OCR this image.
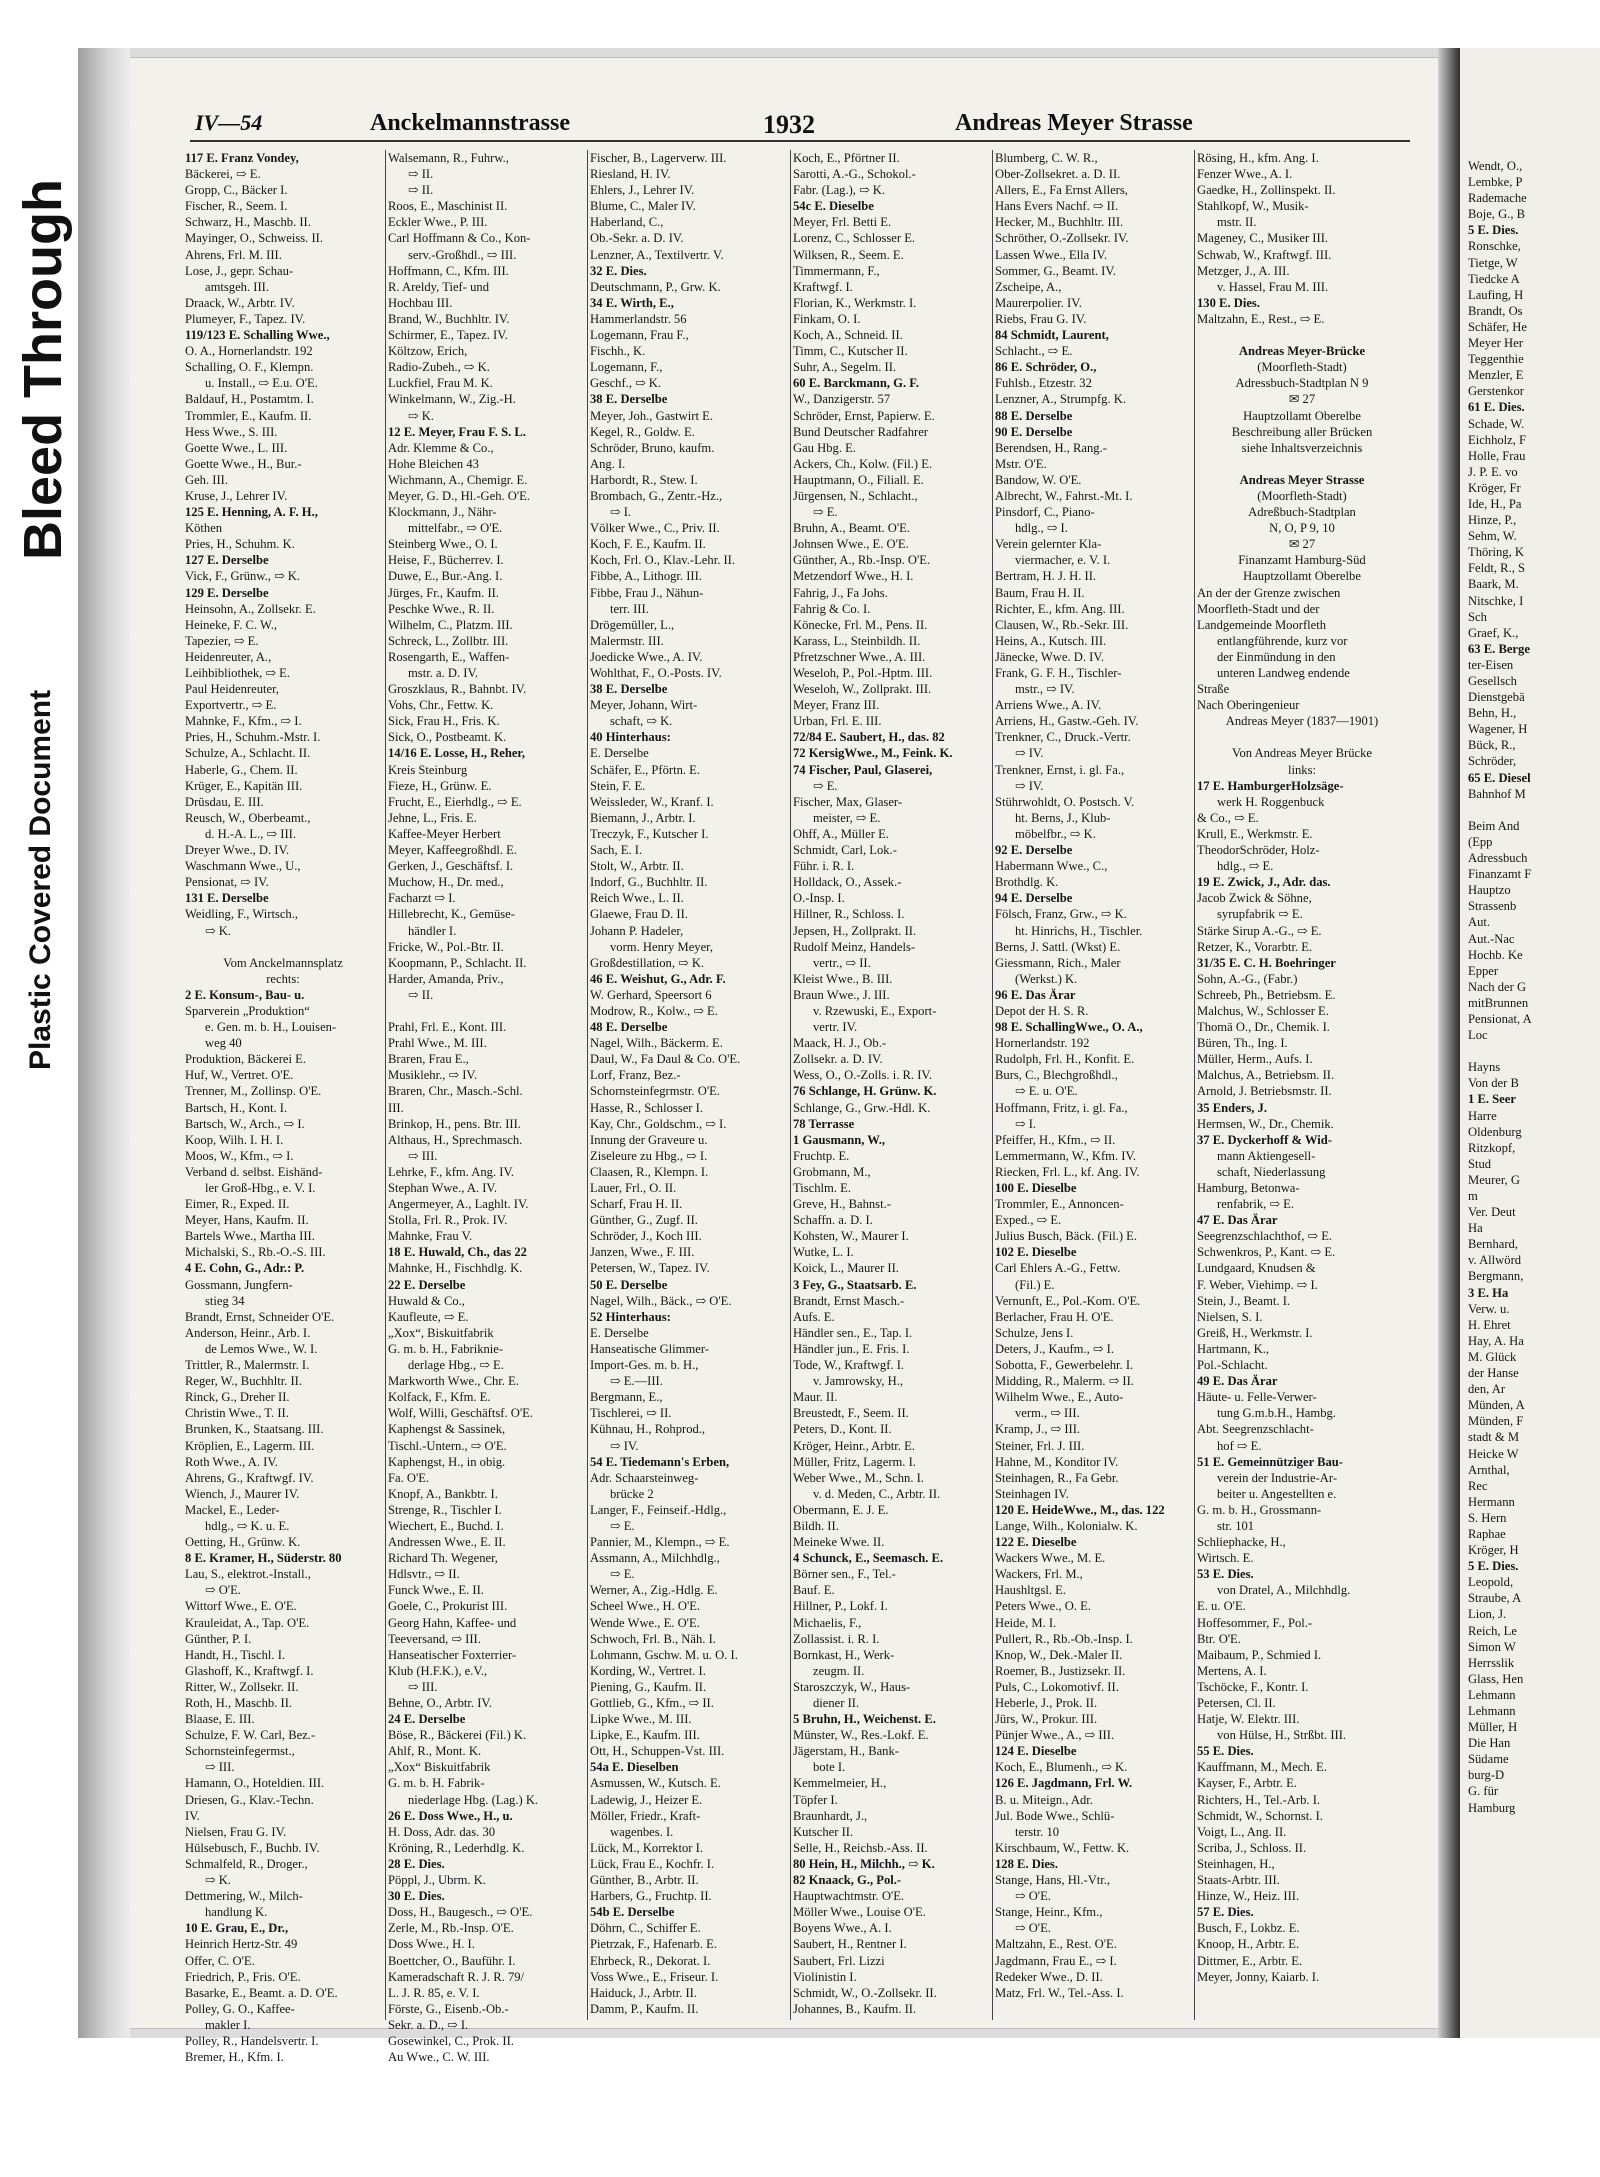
Wendt, O.,
Lembke, P
Rademache
Boje, G., B
5 E. Dies.
Ronschke,
Tietge, W
Tiedcke A
Laufing, H
Brandt, Os
Schäfer, He
Meyer Her
Teggenthie
Menzler, E
Gerstenkor
61 E. Dies.
Schade, W.
Eichholz, F
Holle, Frau
J. P. E. vo
Kröger, Fr
Ide, H., Pa
Hinze, P.,
Sehm, W.
Thöring, K
Feldt, R., S
Baark, M.
Nitschke, I
Sch
Graef, K.,
63 E. Berge
ter-Eisen
Gesellsch
Dienstgebä
Behn, H.,
Wagener, H
Bück, R.,
Schröder,
65 E. Diesel
Bahnhof M

Beim And
(Epp
Adressbuch
Finanzamt F
Hauptzo
Strassenb
Aut.
Aut.-Nac
Hochb. Ke
Epper
Nach der G
mitBrunnen
Pensionat, A
Loc

Hayns
Von der B
1 E. Seer
Harre
Oldenburg
Ritzkopf,
Stud
Meurer, G
m
Ver. Deut
Ha
Bernhard,
v. Allwörd
Bergmann,
3 E. Ha
Verw. u.
H. Ehret
Hay, A. Ha
M. Glück
der Hanse
den, Ar
Münden, A
Münden, F
stadt & M
Heicke W
Arnthal,
Rec
Hermann
S. Hern
Raphae
Kröger, H
5 E. Dies.
Leopold,
Straube, A
Lion, J.
Reich, Le
Simon W
Herrsslik
Glass, Hen
Lehmann
Lehmann
Müller, H
Die Han
Südame
burg-D
G. für
Hamburg
Bleed Through
Plastic Covered Document
IV—54	Anckelmannstrasse	1932	Andreas Meyer Strasse
117 E. Franz Vondey,
Bäckerei, ⇨ E.
Gropp, C., Bäcker I.
Fischer, R., Seem. I.
Schwarz, H., Maschb. II.
Mayinger, O., Schweiss. II.
Ahrens, Frl. M. III.
Lose, J., gepr. Schau-
amtsgeh. III.
Draack, W., Arbtr. IV.
Plumeyer, F., Tapez. IV.
119/123 E. Schalling Wwe.,
O. A., Hornerlandstr. 192
Schalling, O. F., Klempn.
u. Install., ⇨ E.u. O'E.
Baldauf, H., Postamtm. I.
Trommler, E., Kaufm. II.
Hess Wwe., S. III.
Goette Wwe., L. III.
Goette Wwe., H., Bur.-
Geh. III.
Kruse, J., Lehrer IV.
125 E. Henning, A. F. H.,
Köthen
Pries, H., Schuhm. K.
127 E. Derselbe
Vick, F., Grünw., ⇨ K.
129 E. Derselbe
Heinsohn, A., Zollsekr. E.
Heineke, F. C. W.,
Tapezier, ⇨ E.
Heidenreuter, A.,
Leihbibliothek, ⇨ E.
Paul Heidenreuter,
Exportvertr., ⇨ E.
Mahnke, F., Kfm., ⇨ I.
Pries, H., Schuhm.-Mstr. I.
Schulze, A., Schlacht. II.
Haberle, G., Chem. II.
Krüger, E., Kapitän III.
Drüsdau, E. III.
Reusch, W., Oberbeamt.,
d. H.-A. L., ⇨ III.
Dreyer Wwe., D. IV.
Waschmann Wwe., U.,
Pensionat, ⇨ IV.
131 E. Derselbe
Weidling, F., Wirtsch.,
⇨ K.

Vom Anckelmannsplatz
rechts:
2 E. Konsum-, Bau- u.
Sparverein „Produktion“
e. Gen. m. b. H., Louisen-
weg 40
Produktion, Bäckerei E.
Huf, W., Vertret. O'E.
Trenner, M., Zollinsp. O'E.
Bartsch, H., Kont. I.
Bartsch, W., Arch., ⇨ I.
Koop, Wilh. I. H. I.
Moos, W., Kfm., ⇨ I.
Verband d. selbst. Eishänd-
ler Groß-Hbg., e. V. I.
Eimer, R., Exped. II.
Meyer, Hans, Kaufm. II.
Bartels Wwe., Martha III.
Michalski, S., Rb.-O.-S. III.
4 E. Cohn, G., Adr.: P.
Gossmann, Jungfern-
stieg 34
Brandt, Ernst, Schneider O'E.
Anderson, Heinr., Arb. I.
de Lemos Wwe., W. I.
Trittler, R., Malermstr. I.
Reger, W., Buchhltr. II.
Rinck, G., Dreher II.
Christin Wwe., T. II.
Brunken, K., Staatsang. III.
Kröplien, E., Lagerm. III.
Roth Wwe., A. IV.
Ahrens, G., Kraftwgf. IV.
Wiench, J., Maurer IV.
Mackel, E., Leder-
hdlg., ⇨ K. u. E.
Oetting, H., Grünw. K.
8 E. Kramer, H., Süderstr. 80
Lau, S., elektrot.-Install.,
⇨ O'E.
Wittorf Wwe., E. O'E.
Krauleidat, A., Tap. O'E.
Günther, P. I.
Handt, H., Tischl. I.
Glashoff, K., Kraftwgf. I.
Ritter, W., Zollsekr. II.
Roth, H., Maschb. II.
Blaase, E. III.
Schulze, F. W. Carl, Bez.-
Schornsteinfegermst.,
⇨ III.
Hamann, O., Hoteldien. III.
Driesen, G., Klav.-Techn.
IV.
Nielsen, Frau G. IV.
Hülsebusch, F., Buchb. IV.
Schmalfeld, R., Droger.,
⇨ K.
Dettmering, W., Milch-
handlung K.
10 E. Grau, E., Dr.,
Heinrich Hertz-Str. 49
Offer, C. O'E.
Friedrich, P., Fris. O'E.
Basarke, E., Beamt. a. D. O'E.
Polley, G. O., Kaffee-
makler I.
Polley, R., Handelsvertr. I.
Bremer, H., Kfm. I.
Walsemann, R., Fuhrw.,
⇨ II.
⇨ II.
Roos, E., Maschinist II.
Eckler Wwe., P. III.
Carl Hoffmann & Co., Kon-
serv.-Großhdl., ⇨ III.
Hoffmann, C., Kfm. III.
R. Areldy, Tief- und
Hochbau III.
Brand, W., Buchhltr. IV.
Schirmer, E., Tapez. IV.
Költzow, Erich,
Radio-Zubeh., ⇨ K.
Luckfiel, Frau M. K.
Winkelmann, W., Zig.-H.
⇨ K.
12 E. Meyer, Frau F. S. L.
Adr. Klemme & Co.,
Hohe Bleichen 43
Wichmann, A., Chemigr. E.
Meyer, G. D., Hl.-Geh. O'E.
Klockmann, J., Nähr-
mittelfabr., ⇨ O'E.
Steinberg Wwe., O. I.
Heise, F., Bücherrev. I.
Duwe, E., Bur.-Ang. I.
Jürges, Fr., Kaufm. II.
Peschke Wwe., R. II.
Wilhelm, C., Platzm. III.
Schreck, L., Zollbtr. III.
Rosengarth, E., Waffen-
mstr. a. D. IV.
Groszklaus, R., Bahnbt. IV.
Vohs, Chr., Fettw. K.
Sick, Frau H., Fris. K.
Sick, O., Postbeamt. K.
14/16 E. Losse, H., Reher,
Kreis Steinburg
Fieze, H., Grünw. E.
Frucht, E., Eierhdlg., ⇨ E.
Jehne, L., Fris. E.
Kaffee-Meyer Herbert
Meyer, Kaffeegroßhdl. E.
Gerken, J., Geschäftsf. I.
Muchow, H., Dr. med.,
Facharzt ⇨ I.
Hillebrecht, K., Gemüse-
händler I.
Fricke, W., Pol.-Btr. II.
Koopmann, P., Schlacht. II.
Harder, Amanda, Priv.,
⇨ II.

Prahl, Frl. E., Kont. III.
Prahl Wwe., M. III.
Braren, Frau E.,
Musiklehr., ⇨ IV.
Braren, Chr., Masch.-Schl.
III.
Brinkop, H., pens. Btr. III.
Althaus, H., Sprechmasch.
⇨ III.
Lehrke, F., kfm. Ang. IV.
Stephan Wwe., A. IV.
Angermeyer, A., Laghlt. IV.
Stolla, Frl. R., Prok. IV.
Mahnke, Frau V.
18 E. Huwald, Ch., das 22
Mahnke, H., Fischhdlg. K.
22 E. Derselbe
Huwald & Co.,
Kaufleute, ⇨ E.
„Xox“, Biskuitfabrik
G. m. b. H., Fabrikniе-
derlage Hbg., ⇨ E.
Markworth Wwe., Chr. E.
Kolfack, F., Kfm. E.
Wolf, Willi, Geschäftsf. O'E.
Kaphengst & Sassinek,
Tischl.-Untern., ⇨ O'E.
Kaphengst, H., in obig.
Fa. O'E.
Knopf, A., Bankbtr. I.
Strenge, R., Tischler I.
Wiechert, E., Buchd. I.
Andressen Wwe., E. II.
Richard Th. Wegener,
Hdlsvtr., ⇨ II.
Funck Wwe., E. II.
Goele, C., Prokurist III.
Georg Hahn, Kaffee- und
Teeversand, ⇨ III.
Hanseatischer Foxterrier-
Klub (H.F.K.), e.V.,
⇨ III.
Behne, O., Arbtr. IV.
24 E. Derselbe
Böse, R., Bäckerei (Fil.) K.
Ahlf, R., Mont. K.
„Xox“ Biskuitfabrik
G. m. b. H. Fabrik-
niederlage Hbg. (Lag.) K.
26 E. Doss Wwe., H., u.
H. Doss, Adr. das. 30
Kröning, R., Lederhdlg. K.
28 E. Dies.
Pöppl, J., Ubrm. K.
30 E. Dies.
Doss, H., Baugesch., ⇨ O'E.
Zerle, M., Rb.-Insp. O'E.
Doss Wwe., H. I.
Boettcher, O., Bauführ. I.
Kameradschaft R. J. R. 79/
L. J. R. 85, e. V. I.
Förste, G., Eisenb.-Ob.-
Sekr. a. D., ⇨ I.
Gosewinkel, C., Prok. II.
Au Wwe., C. W. III.
Fischer, B., Lagerverw. III.
Riesland, H. IV.
Ehlers, J., Lehrer IV.
Blume, C., Maler IV.
Haberland, C.,
Ob.-Sekr. a. D. IV.
Lenzner, A., Textilvertr. V.
32 E. Dies.
Deutschmann, P., Grw. K.
34 E. Wirth, E.,
Hammerlandstr. 56
Logemann, Frau F.,
Fischh., K.
Logemann, F.,
Geschf., ⇨ K.
38 E. Derselbe
Meyer, Joh., Gastwirt E.
Kegel, R., Goldw. E.
Schröder, Bruno, kaufm.
Ang. I.
Harbordt, R., Stew. I.
Brombach, G., Zentr.-Hz.,
⇨ I.
Völker Wwe., C., Priv. II.
Koch, F. E., Kaufm. II.
Koch, Frl. O., Klav.-Lehr. II.
Fibbe, A., Lithogr. III.
Fibbe, Frau J., Nähun-
terr. III.
Drögemüller, L.,
Malermstr. III.
Joedicke Wwe., A. IV.
Wohlthat, F., O.-Posts. IV.
38 E. Derselbe
Meyer, Johann, Wirt-
schaft, ⇨ K.
40 Hinterhaus:
E. Derselbe
Schäfer, E., Pförtn. E.
Stein, F. E.
Weissleder, W., Kranf. I.
Biemann, J., Arbtr. I.
Treczyk, F., Kutscher I.
Sach, E. I.
Stolt, W., Arbtr. II.
Indorf, G., Buchhltr. II.
Reich Wwe., L. II.
Glaewe, Frau D. II.
Johann P. Hadeler,
vorm. Henry Meyer,
Großdestillation, ⇨ K.
46 E. Weishut, G., Adr. F.
W. Gerhard, Speersort 6
Modrow, R., Kolw., ⇨ E.
48 E. Derselbe
Nagel, Wilh., Bäckerm. E.
Daul, W., Fa Daul & Co. O'E.
Lorf, Franz, Bez.-
Schornsteinfegrmstr. O'E.
Hasse, R., Schlosser I.
Kay, Chr., Goldschm., ⇨ I.
Innung der Graveure u.
Ziseleure zu Hbg., ⇨ I.
Claasen, R., Klempn. I.
Lauer, Frl., O. II.
Scharf, Frau H. II.
Günther, G., Zugf. II.
Schröder, J., Koch III.
Janzen, Wwe., F. III.
Petersen, W., Tapez. IV.
50 E. Derselbe
Nagel, Wilh., Bäck., ⇨ O'E.
52 Hinterhaus:
E. Derselbe
Hanseatische Glimmer-
Import-Ges. m. b. H.,
⇨ E.—III.
Bergmann, E.,
Tischlerei, ⇨ II.
Kühnau, H., Rohprod.,
⇨ IV.
54 E. Tiedemann's Erben,
Adr. Schaarsteinweg-
brücke 2
Langer, F., Feinseif.-Hdlg.,
⇨ E.
Pannier, M., Klempn., ⇨ E.
Assmann, A., Milchhdlg.,
⇨ E.
Werner, A., Zig.-Hdlg. E.
Scheel Wwe., H. O'E.
Wende Wwe., E. O'E.
Schwoch, Frl. B., Näh. I.
Lohmann, Gschw. M. u. O. I.
Kording, W., Vertret. I.
Piening, G., Kaufm. II.
Gottlieb, G., Kfm., ⇨ II.
Lipke Wwe., M. III.
Lipke, E., Kaufm. III.
Ott, H., Schuppen-Vst. III.
54a E. Dieselben
Asmussen, W., Kutsch. E.
Ladewig, J., Heizer E.
Möller, Friedr., Kraft-
wagenbes. I.
Lück, M., Korrektor I.
Lück, Frau E., Kochfr. I.
Günther, B., Arbtr. II.
Harbers, G., Fruchtp. II.
54b E. Derselbe
Döhrn, C., Schiffer E.
Pietrzak, F., Hafenarb. E.
Ehrbeck, R., Dekorat. I.
Voss Wwe., E., Friseur. I.
Haiduck, J., Arbtr. II.
Damm, P., Kaufm. II.
Koch, E., Pförtner II.
Sarotti, A.-G., Schokol.-
Fabr. (Lag.), ⇨ K.
54c E. Dieselbe
Meyer, Frl. Betti E.
Lorenz, C., Schlosser E.
Wilksen, R., Seem. E.
Timmermann, F.,
Kraftwgf. I.
Florian, K., Werkmstr. I.
Finkam, O. I.
Koch, A., Schneid. II.
Timm, C., Kutscher II.
Suhr, A., Segelm. II.
60 E. Barckmann, G. F.
W., Danzigerstr. 57
Schröder, Ernst, Papierw. E.
Bund Deutscher Radfahrer
Gau Hbg. E.
Ackers, Ch., Kolw. (Fil.) E.
Hauptmann, O., Filiall. E.
Jürgensen, N., Schlacht.,
⇨ E.
Bruhn, A., Beamt. O'E.
Johnsen Wwe., E. O'E.
Günther, A., Rb.-Insp. O'E.
Metzendorf Wwe., H. I.
Fahrig, J., Fa Johs.
Fahrig & Co. I.
Könecke, Frl. M., Pens. II.
Karass, L., Steinbildh. II.
Pfretzschner Wwe., A. III.
Weseloh, P., Pol.-Hptm. III.
Weseloh, W., Zollprakt. III.
Meyer, Franz III.
Urban, Frl. E. III.
72/84 E. Saubert, H., das. 82
72 KersigWwe., M., Feink. K.
74 Fischer, Paul, Glaserei,
⇨ E.
Fischer, Max, Glaser-
meister, ⇨ E.
Ohff, A., Müller E.
Schmidt, Carl, Lok.-
Führ. i. R. I.
Holldack, O., Assek.-
O.-Insp. I.
Hillner, R., Schloss. I.
Jepsen, H., Zollprakt. II.
Rudolf Meinz, Handels-
vertr., ⇨ II.
Kleist Wwe., B. III.
Braun Wwe., J. III.
v. Rzewuski, E., Export-
vertr. IV.
Maack, H. J., Ob.-
Zollsekr. a. D. IV.
Wess, O., O.-Zolls. i. R. IV.
76 Schlange, H. Grünw. K.
Schlange, G., Grw.-Hdl. K.
78 Terrasse
1 Gausmann, W.,
Fruchtp. E.
Grobmann, M.,
Tischlm. E.
Greve, H., Bahnst.-
Schaffn. a. D. I.
Kohsten, W., Maurer I.
Wutke, L. I.
Koick, L., Maurer II.
3 Fey, G., Staatsarb. E.
Brandt, Ernst Masch.-
Aufs. E.
Händler sen., E., Tap. I.
Händler jun., E. Fris. I.
Tode, W., Kraftwgf. I.
v. Jamrowsky, H.,
Maur. II.
Breustedt, F., Seem. II.
Peters, D., Kont. II.
Kröger, Heinr., Arbtr. E.
Müller, Fritz, Lagerm. I.
Weber Wwe., M., Schn. I.
v. d. Meden, C., Arbtr. II.
Obermann, E. J. E.
Bildh. II.
Meineke Wwe. II.
4 Schunck, E., Seemasch. E.
Börner sen., F., Tel.-
Bauf. E.
Hillner, P., Lokf. I.
Michaelis, F.,
Zollassist. i. R. I.
Bornkast, H., Werk-
zeugm. II.
Staroszczyk, W., Haus-
diener II.
5 Bruhn, H., Weichenst. E.
Münster, W., Res.-Lokf. E.
Jägerstam, H., Bank-
bote I.
Kemmelmeier, H.,
Töpfer I.
Braunhardt, J.,
Kutscher II.
Selle, H., Reichsb.-Ass. II.
80 Hein, H., Milchh., ⇨ K.
82 Knaack, G., Pol.-
Hauptwachtmstr. O'E.
Möller Wwe., Louise O'E.
Boyens Wwe., A. I.
Saubert, H., Rentner I.
Saubert, Frl. Lizzi
Violinistin I.
Schmidt, W., O.-Zollsekr. II.
Johannes, B., Kaufm. II.
Blumberg, C. W. R.,
Ober-Zollsekret. a. D. II.
Allers, E., Fa Ernst Allers,
Hans Evers Nachf. ⇨ II.
Hecker, M., Buchhltr. III.
Schröther, O.-Zollsekr. IV.
Lassen Wwe., Ella IV.
Sommer, G., Beamt. IV.
Zscheipe, A.,
Maurerpolier. IV.
Riebs, Frau G. IV.
84 Schmidt, Laurent,
Schlacht., ⇨ E.
86 E. Schröder, O.,
Fuhlsb., Etzestr. 32
Lenzner, A., Strumpfg. K.
88 E. Derselbe
90 E. Derselbe
Berendsen, H., Rang.-
Mstr. O'E.
Bandow, W. O'E.
Albrecht, W., Fahrst.-Mt. I.
Pinsdorf, C., Piano-
hdlg., ⇨ I.
Verein gelernter Kla-
viermacher, e. V. I.
Bertram, H. J. H. II.
Baum, Frau H. II.
Richter, E., kfm. Ang. III.
Clausen, W., Rb.-Sekr. III.
Heins, A., Kutsch. III.
Jänecke, Wwe. D. IV.
Frank, G. F. H., Tischler-
mstr., ⇨ IV.
Arriens Wwe., A. IV.
Arriens, H., Gastw.-Geh. IV.
Trenkner, C., Druck.-Vertr.
⇨ IV.
Trenkner, Ernst, i. gl. Fa.,
⇨ IV.
Stührwohldt, O. Postsch. V.
ht. Berns, J., Klub-
möbelfbr., ⇨ K.
92 E. Derselbe
Habermann Wwe., C.,
Brothdlg. K.
94 E. Derselbe
Fölsch, Franz, Grw., ⇨ K.
ht. Hinrichs, H., Tischler.
Berns, J. Sattl. (Wkst) E.
Giessmann, Rich., Maler
(Werkst.) K.
96 E. Das Ärar
Depot der H. S. R.
98 E. SchallingWwe., O. A.,
Hornerlandstr. 192
Rudolph, Frl. H., Konfit. E.
Burs, C., Blechgroßhdl.,
⇨ E. u. O'E.
Hoffmann, Fritz, i. gl. Fa.,
⇨ I.
Pfeiffer, H., Kfm., ⇨ II.
Lemmermann, W., Kfm. IV.
Riecken, Frl. L., kf. Ang. IV.
100 E. Dieselbe
Trommler, E., Annoncen-
Exped., ⇨ E.
Julius Busch, Bäck. (Fil.) E.
102 E. Dieselbe
Carl Ehlers A.-G., Fettw.
(Fil.) E.
Vernunft, E., Pol.-Kom. O'E.
Berlacher, Frau H. O'E.
Schulze, Jens I.
Deters, J., Kaufm., ⇨ I.
Sobotta, F., Gewerbelehr. I.
Midding, R., Malerm. ⇨ II.
Wilhelm Wwe., E., Auto-
verm., ⇨ III.
Kramp, J., ⇨ III.
Steiner, Frl. J. III.
Hahne, M., Konditor IV.
Steinhagen, R., Fa Gebr.
Steinhagen IV.
120 E. HeideWwe., M., das. 122
Lange, Wilh., Kolonialw. K.
122 E. Dieselbe
Wackers Wwe., M. E.
Wackers, Frl. M.,
Haushltgsl. E.
Peters Wwe., O. E.
Heide, M. I.
Pullert, R., Rb.-Ob.-Insp. I.
Knop, W., Dek.-Maler II.
Roemer, B., Justizsekr. II.
Puls, C., Lokomotivf. II.
Heberle, J., Prok. II.
Jürs, W., Prokur. III.
Pünjer Wwe., A., ⇨ III.
124 E. Dieselbe
Koch, E., Blumenh., ⇨ K.
126 E. Jagdmann, Frl. W.
B. u. Miteign., Adr.
Jul. Bode Wwe., Schlü-
terstr. 10
Kirschbaum, W., Fettw. K.
128 E. Dies.
Stange, Hans, Hl.-Vtr.,
⇨ O'E.
Stange, Heinr., Kfm.,
⇨ O'E.
Maltzahn, E., Rest. O'E.
Jagdmann, Frau E., ⇨ I.
Redeker Wwe., D. II.
Matz, Frl. W., Tel.-Ass. I.
Rösing, H., kfm. Ang. I.
Fenzer Wwe., A. I.
Gaedke, H., Zollinspekt. II.
Stahlkopf, W., Musik-
mstr. II.
Mageney, C., Musiker III.
Schwab, W., Kraftwgf. III.
Metzger, J., A. III.
v. Hassel, Frau M. III.
130 E. Dies.
Maltzahn, E., Rest., ⇨ E.

Andreas Meyer-Brücke
(Moorfleth-Stadt)
Adressbuch-Stadtplan N 9
✉ 27
Hauptzollamt Oberelbe
Beschreibung aller Brücken
siehe Inhaltsverzeichnis

Andreas Meyer Strasse
(Moorfleth-Stadt)
Adreßbuch-Stadtplan
N, O, P 9, 10
✉ 27
Finanzamt Hamburg-Süd
Hauptzollamt Oberelbe
An der der Grenze zwischen
Moorfleth-Stadt und der
Landgemeinde Moorfleth
entlangführende, kurz vor
der Einmündung in den
unteren Landweg endende
Straße
Nach Oberingenieur
Andreas Meyer (1837—1901)

Von Andreas Meyer Brücke
links:
17 E. HamburgerHolzsäge-
werk H. Roggenbuck
& Co., ⇨ E.
Krull, E., Werkmstr. E.
TheodorSchröder, Holz-
hdlg., ⇨ E.
19 E. Zwick, J., Adr. das.
Jacob Zwick & Söhne,
syrupfabrik ⇨ E.
Stärke Sirup A.-G., ⇨ E.
Retzer, K., Vorarbtr. E.
31/35 E. C. H. Boehringer
Sohn, A.-G., (Fabr.)
Schreeb, Ph., Betriebsm. E.
Malchus, W., Schlosser E.
Thomä O., Dr., Chemik. I.
Büren, Th., Ing. I.
Müller, Herm., Aufs. I.
Malchus, A., Betriebsm. II.
Arnold, J. Betriebsmstr. II.
35 Enders, J.
Hermsen, W., Dr., Chemik.
37 E. Dyckerhoff & Wid-
mann Aktiengesell-
schaft, Niederlassung
Hamburg, Betonwa-
renfabrik, ⇨ E.
47 E. Das Ärar
Seegrenzschlachthof, ⇨ E.
Schwenkros, P., Kant. ⇨ E.
Lundgaard, Knudsen &
F. Weber, Viehimp. ⇨ I.
Stein, J., Beamt. I.
Nielsen, S. I.
Greiß, H., Werkmstr. I.
Hartmann, K.,
Pol.-Schlacht.
49 E. Das Ärar
Häute- u. Felle-Verwer-
tung G.m.b.H., Hambg.
Abt. Seegrenzschlacht-
hof ⇨ E.
51 E. Gemeinnütziger Bau-
verein der Industrie-Ar-
beiter u. Angestellten e.
G. m. b. H., Grossmann-
str. 101
Schliephacke, H.,
Wirtsch. E.
53 E. Dies.
von Dratel, A., Milchhdlg.
E. u. O'E.
Hoffesommer, F., Pol.-
Btr. O'E.
Maibaum, P., Schmied I.
Mertens, A. I.
Tschöcke, F., Kontr. I.
Petersen, Cl. II.
Hatje, W. Elektr. III.
von Hülse, H., Strßbt. III.
55 E. Dies.
Kauffmann, M., Mech. E.
Kayser, F., Arbtr. E.
Richters, H., Tel.-Arb. I.
Schmidt, W., Schornst. I.
Voigt, L., Ang. II.
Scriba, J., Schloss. II.
Steinhagen, H.,
Staats-Arbtr. III.
Hinze, W., Heiz. III.
57 E. Dies.
Busch, F., Lokbz. E.
Knoop, H., Arbtr. E.
Dittmer, E., Arbtr. E.
Meyer, Jonny, Kaiarb. I.
